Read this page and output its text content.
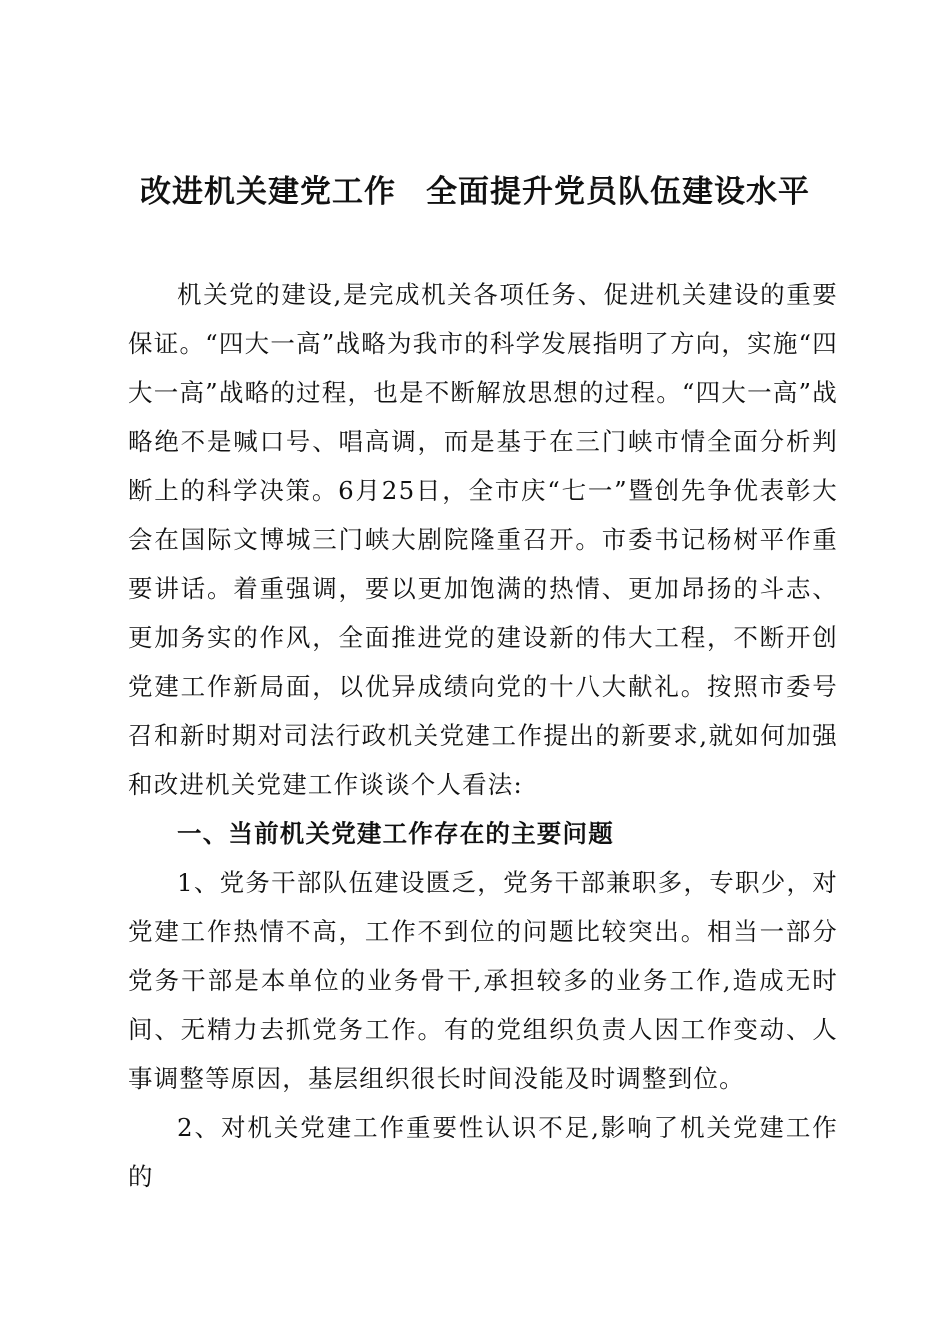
改进机关建党工作 全面提升党员队伍建设水平

机关党的建设,是完成机关各项任务、促进机关建设的重要保证。“四大一高”战略为我市的科学发展指明了方向，实施“四大一高”战略的过程，也是不断解放思想的过程。“四大一高”战略绝不是喊口号、唱高调，而是基于在三门峡市情全面分析判断上的科学决策。6月25日，全市庆“七一”暨创先争优表彰大会在国际文博城三门峡大剧院隆重召开。市委书记杨树平作重要讲话。着重强调，要以更加饱满的热情、更加昂扬的斗志、更加务实的作风，全面推进党的建设新的伟大工程，不断开创党建工作新局面，以优异成绩向党的十八大献礼。按照市委号召和新时期对司法行政机关党建工作提出的新要求,就如何加强和改进机关党建工作谈谈个人看法:

一、当前机关党建工作存在的主要问题

1、党务干部队伍建设匮乏，党务干部兼职多，专职少，对党建工作热情不高，工作不到位的问题比较突出。相当一部分党务干部是本单位的业务骨干,承担较多的业务工作,造成无时间、无精力去抓党务工作。有的党组织负责人因工作变动、人事调整等原因，基层组织很长时间没能及时调整到位。

2、对机关党建工作重要性认识不足,影响了机关党建工作的
